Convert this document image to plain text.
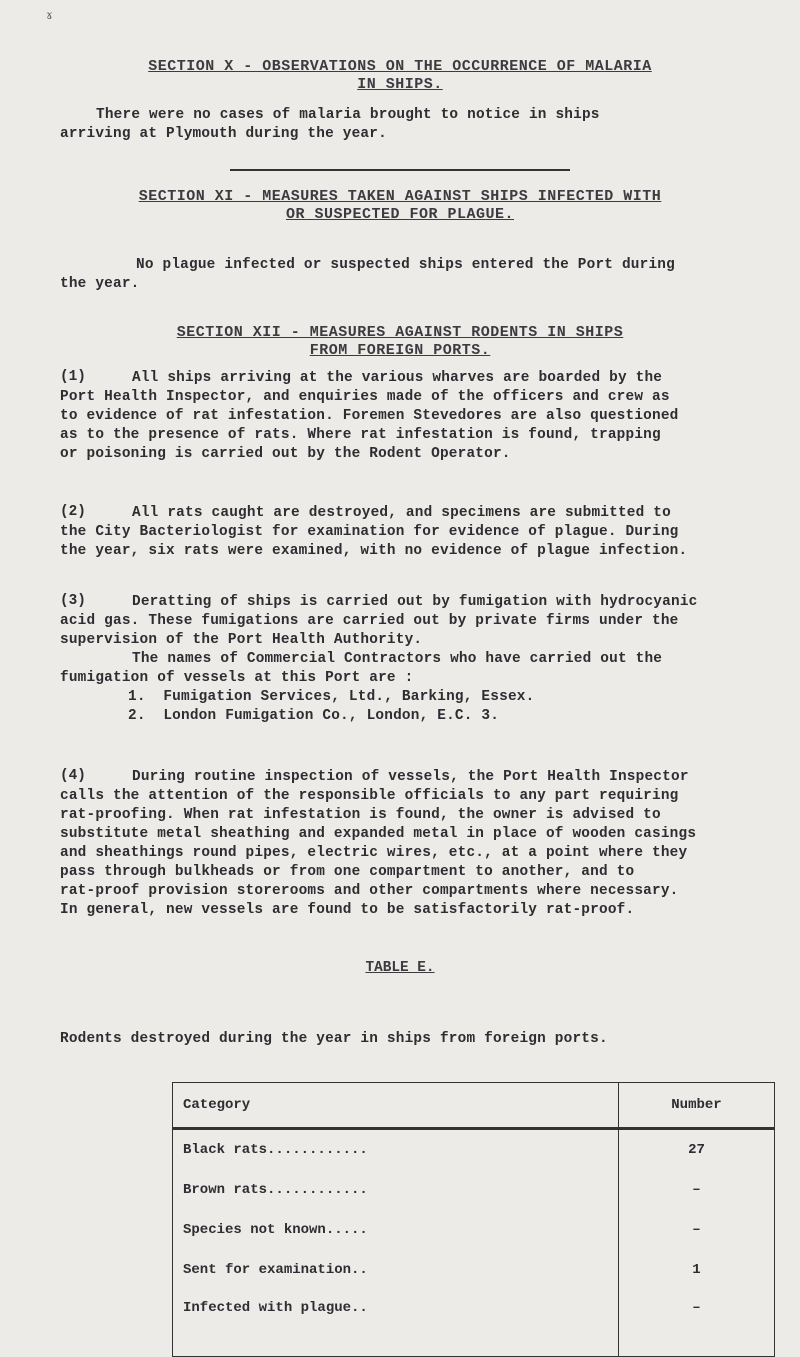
ɤ
SECTION X - OBSERVATIONS ON THE OCCURRENCE OF MALARIA
IN SHIPS.
There were no cases of malaria brought to notice in ships
arriving at Plymouth during the year.
SECTION XI - MEASURES TAKEN AGAINST SHIPS INFECTED WITH
OR SUSPECTED FOR PLAGUE.
No plague infected or suspected ships entered the Port during
the year.
SECTION XII - MEASURES AGAINST RODENTS IN SHIPS
FROM FOREIGN PORTS.
(1)	All ships arriving at the various wharves are boarded by the
Port Health Inspector, and enquiries made of the officers and crew as
to evidence of rat infestation. Foremen Stevedores are also questioned
as to the presence of rats. Where rat infestation is found, trapping
or poisoning is carried out by the Rodent Operator.
(2)	All rats caught are destroyed, and specimens are submitted to
the City Bacteriologist for examination for evidence of plague. During
the year, six rats were examined, with no evidence of plague infection.
(3)	Deratting of ships is carried out by fumigation with hydrocyanic
acid gas. These fumigations are carried out by private firms under the
supervision of the Port Health Authority.
The names of Commercial Contractors who have carried out the
fumigation of vessels at this Port are :
1.  Fumigation Services, Ltd., Barking, Essex.
2.  London Fumigation Co., London, E.C. 3.
(4)	During routine inspection of vessels, the Port Health Inspector
calls the attention of the responsible officials to any part requiring
rat-proofing. When rat infestation is found, the owner is advised to
substitute metal sheathing and expanded metal in place of wooden casings
and sheathings round pipes, electric wires, etc., at a point where they
pass through bulkheads or from one compartment to another, and to
rat-proof provision storerooms and other compartments where necessary.
In general, new vessels are found to be satisfactorily rat-proof.
TABLE E.
Rodents destroyed during the year in ships from foreign ports.
Category	Number
Black rats............	27
Brown rats............	–
Species not known.....	–
Sent for examination..	1
Infected with plague..	–
